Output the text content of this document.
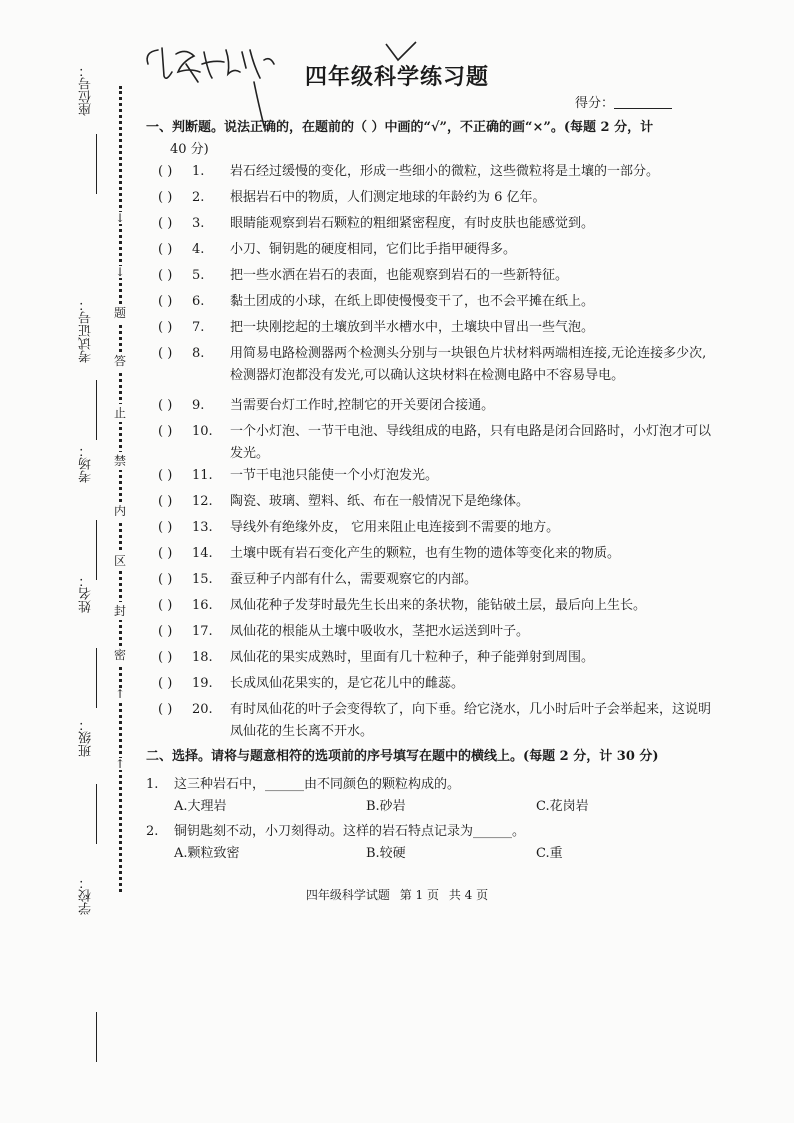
座位号：
考试证号：
考场：
姓名：
班级：
学校：
↓
↓
题
答
止
禁
内
区
封
密
↑
↑
四年级科学练习题
得分：
一、判断题。说法正确的，在题前的（ ）中画的“√”，不正确的画“×”。(每题 2 分，计
40 分)
( )	1. 岩石经过缓慢的变化，形成一些细小的微粒，这些微粒将是土壤的一部分。
( )	2. 根据岩石中的物质，人们测定地球的年龄约为 6 亿年。
( )	3. 眼睛能观察到岩石颗粒的粗细紧密程度，有时皮肤也能感觉到。
( )	4. 小刀、铜钥匙的硬度相同，它们比手指甲硬得多。
( )	5. 把一些水洒在岩石的表面，也能观察到岩石的一些新特征。
( )	6. 黏土团成的小球，在纸上即使慢慢变干了，也不会平摊在纸上。
( )	7. 把一块刚挖起的土壤放到半水槽水中，土壤块中冒出一些气泡。
( )	8. 用简易电路检测器两个检测头分别与一块银色片状材料两端相连接,无论连接多少次,检测器灯泡都没有发光,可以确认这块材料在检测电路中不容易导电。
( )	9. 当需要台灯工作时,控制它的开关要闭合接通。
( )	10. 一个小灯泡、一节干电池、导线组成的电路，只有电路是闭合回路时，小灯泡才可以发光。
( )	11. 一节干电池只能使一个小灯泡发光。
( )	12. 陶瓷、玻璃、塑料、纸、布在一般情况下是绝缘体。
( )	13. 导线外有绝缘外皮， 它用来阻止电连接到不需要的地方。
( )	14. 土壤中既有岩石变化产生的颗粒，也有生物的遗体等变化来的物质。
( )	15. 蚕豆种子内部有什么，需要观察它的内部。
( )	16. 凤仙花种子发芽时最先生长出来的条状物，能钻破土层，最后向上生长。
( )	17. 凤仙花的根能从土壤中吸收水，茎把水运送到叶子。
( )	18. 凤仙花的果实成熟时，里面有几十粒种子，种子能弹射到周围。
( )	19. 长成凤仙花果实的，是它花儿中的雌蕊。
( )	20. 有时凤仙花的叶子会变得软了，向下垂。给它浇水，几小时后叶子会举起来，这说明凤仙花的生长离不开水。
二、选择。请将与题意相符的选项前的序号填写在题中的横线上。(每题 2 分，计 30 分)
1. 这三种岩石中，______由不同颜色的颗粒构成的。
A.大理岩	B.砂岩	C.花岗岩
2. 铜钥匙刻不动，小刀刻得动。这样的岩石特点记录为______。
A.颗粒致密	B.较硬	C.重
四年级科学试题 第 1 页 共 4 页
